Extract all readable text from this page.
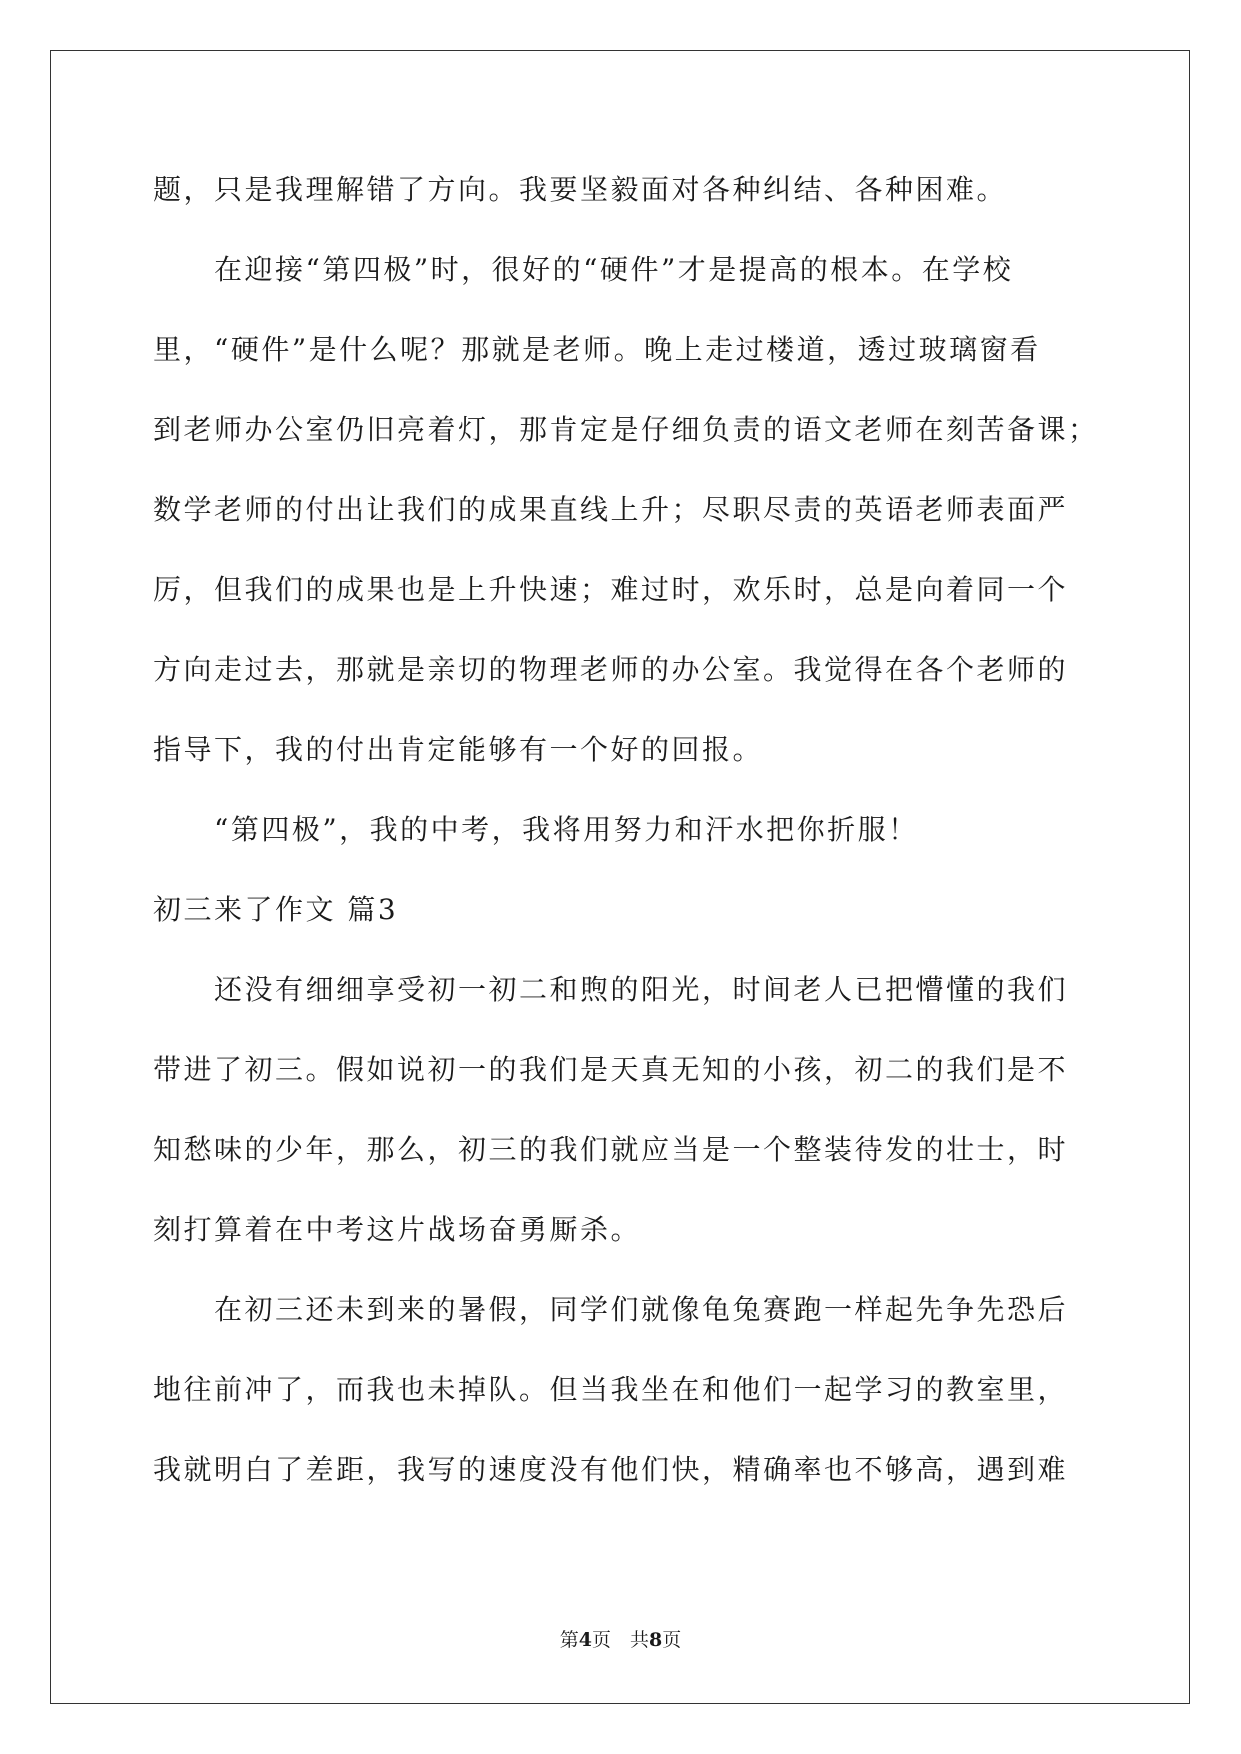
题，只是我理解错了方向。我要坚毅面对各种纠结、各种困难。
　　在迎接“第四极”时，很好的“硬件”才是提高的根本。在学校
里，“硬件”是什么呢？那就是老师。晚上走过楼道，透过玻璃窗看
到老师办公室仍旧亮着灯，那肯定是仔细负责的语文老师在刻苦备课；
数学老师的付出让我们的成果直线上升；尽职尽责的英语老师表面严
厉，但我们的成果也是上升快速；难过时，欢乐时，总是向着同一个
方向走过去，那就是亲切的物理老师的办公室。我觉得在各个老师的
指导下，我的付出肯定能够有一个好的回报。
　　“第四极”，我的中考，我将用努力和汗水把你折服！
初三来了作文 篇3
　　还没有细细享受初一初二和煦的阳光，时间老人已把懵懂的我们
带进了初三。假如说初一的我们是天真无知的小孩，初二的我们是不
知愁味的少年，那么，初三的我们就应当是一个整装待发的壮士，时
刻打算着在中考这片战场奋勇厮杀。
　　在初三还未到来的暑假，同学们就像龟兔赛跑一样起先争先恐后
地往前冲了，而我也未掉队。但当我坐在和他们一起学习的教室里，
我就明白了差距，我写的速度没有他们快，精确率也不够高，遇到难
第4页　共8页
